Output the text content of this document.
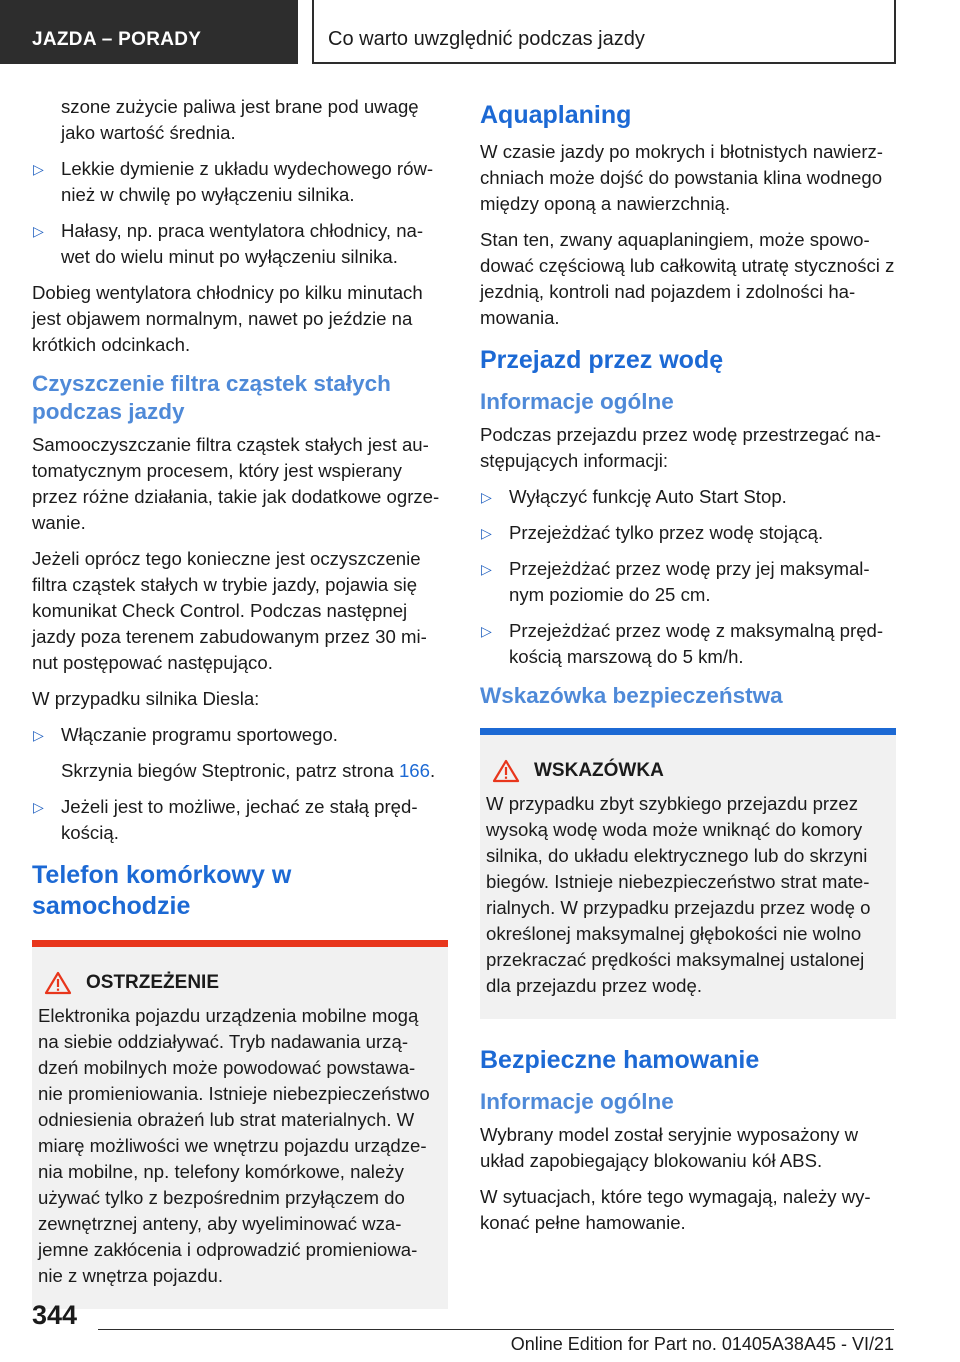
JAZDA – PORADY	Co warto uwzględnić podczas jazdy

szone zużycie paliwa jest brane pod uwagę jako wartość średnia.

▷ Lekkie dymienie z układu wydechowego rów-nież w chwilę po wyłączeniu silnika.
▷ Hałasy, np. praca wentylatora chłodnicy, na-wet do wielu minut po wyłączeniu silnika.

Dobieg wentylatora chłodnicy po kilku minutach jest objawem normalnym, nawet po jeździe na krótkich odcinkach.

Czyszczenie filtra cząstek stałych podczas jazdy

Samooczyszczanie filtra cząstek stałych jest au-tomatycznym procesem, który jest wspierany przez różne działania, takie jak dodatkowe ogrze-wanie.

Jeżeli oprócz tego konieczne jest oczyszczenie filtra cząstek stałych w trybie jazdy, pojawia się komunikat Check Control. Podczas następnej jazdy poza terenem zabudowanym przez 30 mi-nut postępować następująco.

W przypadku silnika Diesla:

▷ Włączanie programu sportowego.

Skrzynia biegów Steptronic, patrz strona 166.

▷ Jeżeli jest to możliwe, jechać ze stałą pręd-kością.
Telefon komórkowy w samochodzie
OSTRZEŻENIE

Elektronika pojazdu urządzenia mobilne mogą na siebie oddziaływać. Tryb nadawania urzą-dzeń mobilnych może powodować powstawa-nie promieniowania. Istnieje niebezpieczeństwo odniesienia obrażeń lub strat materialnych. W miarę możliwości we wnętrzu pojazdu urządze-nia mobilne, np. telefony komórkowe, należy używać tylko z bezpośrednim przyłączem do zewnętrznej anteny, aby wyeliminować wza-jemne zakłócenia i odprowadzić promieniowa-nie z wnętrza pojazdu.

Aquaplaning

W czasie jazdy po mokrych i błotnistych nawierz-chniach może dojść do powstania klina wodnego między oponą a nawierzchnią.

Stan ten, zwany aquaplaningiem, może spowo-dować częściową lub całkowitą utratę styczności z jezdnią, kontroli nad pojazdem i zdolności ha-mowania.

Przejazd przez wodę
Informacje ogólne

Podczas przejazdu przez wodę przestrzegać na-stępujących informacji:

▷ Wyłączyć funkcję Auto Start Stop.
▷ Przejeżdżać tylko przez wodę stojącą.
▷ Przejeżdżać przez wodę przy jej maksymal-nym poziomie do 25 cm.
▷ Przejeżdżać przez wodę z maksymalną pręd-kością marszową do 5 km/h.
Wskazówka bezpieczeństwa
WSKAZÓWKA

W przypadku zbyt szybkiego przejazdu przez wysoką wodę woda może wniknąć do komory silnika, do układu elektrycznego lub do skrzyni biegów. Istnieje niebezpieczeństwo strat mate-rialnych. W przypadku przejazdu przez wodę o określonej maksymalnej głębokości nie wolno przekraczać prędkości maksymalnej ustalonej dla przejazdu przez wodę.

Bezpieczne hamowanie
Informacje ogólne

Wybrany model został seryjnie wyposażony w układ zapobiegający blokowaniu kół ABS.

W sytuacjach, które tego wymagają, należy wy-konać pełne hamowanie.

344
Online Edition for Part no. 01405A38A45 - VI/21
